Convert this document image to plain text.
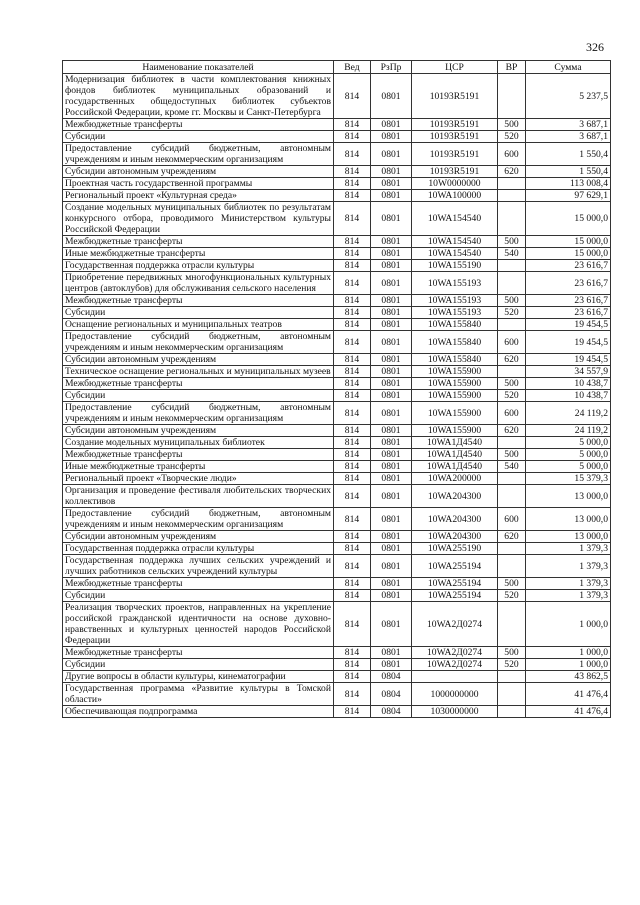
326
Наименование показателей	Вед	РзПр	ЦСР	ВР	Сумма
Модернизация библиотек в части комплектования книжных фондов библиотек муниципальных образований и государственных общедоступных библиотек субъектов Российской Федерации, кроме гг. Москвы и Санкт-Петербурга	814	0801	10193R5191		5 237,5
Межбюджетные трансферты	814	0801	10193R5191	500	3 687,1
Субсидии	814	0801	10193R5191	520	3 687,1
Предоставление субсидий бюджетным, автономным учреждениям и иным некоммерческим организациям	814	0801	10193R5191	600	1 550,4
Субсидии автономным учреждениям	814	0801	10193R5191	620	1 550,4
Проектная часть государственной программы	814	0801	10W0000000		113 008,4
Региональный проект «Культурная среда»	814	0801	10WA100000		97 629,1
Создание модельных муниципальных библиотек по результатам конкурсного отбора, проводимого Министерством культуры Российской Федерации	814	0801	10WA154540		15 000,0
Межбюджетные трансферты	814	0801	10WA154540	500	15 000,0
Иные межбюджетные трансферты	814	0801	10WA154540	540	15 000,0
Государственная поддержка отрасли культуры	814	0801	10WA155190		23 616,7
Приобретение передвижных многофункциональных культурных центров (автоклубов) для обслуживания сельского населения	814	0801	10WA155193		23 616,7
Межбюджетные трансферты	814	0801	10WA155193	500	23 616,7
Субсидии	814	0801	10WA155193	520	23 616,7
Оснащение региональных и муниципальных театров	814	0801	10WA155840		19 454,5
Предоставление субсидий бюджетным, автономным учреждениям и иным некоммерческим организациям	814	0801	10WA155840	600	19 454,5
Субсидии автономным учреждениям	814	0801	10WA155840	620	19 454,5
Техническое оснащение региональных и муниципальных музеев	814	0801	10WA155900		34 557,9
Межбюджетные трансферты	814	0801	10WA155900	500	10 438,7
Субсидии	814	0801	10WA155900	520	10 438,7
Предоставление субсидий бюджетным, автономным учреждениям и иным некоммерческим организациям	814	0801	10WA155900	600	24 119,2
Субсидии автономным учреждениям	814	0801	10WA155900	620	24 119,2
Создание модельных муниципальных библиотек	814	0801	10WA1Д4540		5 000,0
Межбюджетные трансферты	814	0801	10WA1Д4540	500	5 000,0
Иные межбюджетные трансферты	814	0801	10WA1Д4540	540	5 000,0
Региональный проект «Творческие люди»	814	0801	10WA200000		15 379,3
Организация и проведение фестиваля любительских творческих коллективов	814	0801	10WA204300		13 000,0
Предоставление субсидий бюджетным, автономным учреждениям и иным некоммерческим организациям	814	0801	10WA204300	600	13 000,0
Субсидии автономным учреждениям	814	0801	10WA204300	620	13 000,0
Государственная поддержка отрасли культуры	814	0801	10WA255190		1 379,3
Государственная поддержка лучших сельских учреждений и лучших работников сельских учреждений культуры	814	0801	10WA255194		1 379,3
Межбюджетные трансферты	814	0801	10WA255194	500	1 379,3
Субсидии	814	0801	10WA255194	520	1 379,3
Реализация творческих проектов, направленных на укрепление российской гражданской идентичности на основе духовно-нравственных и культурных ценностей народов Российской Федерации	814	0801	10WA2Д0274		1 000,0
Межбюджетные трансферты	814	0801	10WA2Д0274	500	1 000,0
Субсидии	814	0801	10WA2Д0274	520	1 000,0
Другие вопросы в области культуры, кинематографии	814	0804			43 862,5
Государственная программа «Развитие культуры в Томской области»	814	0804	1000000000		41 476,4
Обеспечивающая подпрограмма	814	0804	1030000000		41 476,4
